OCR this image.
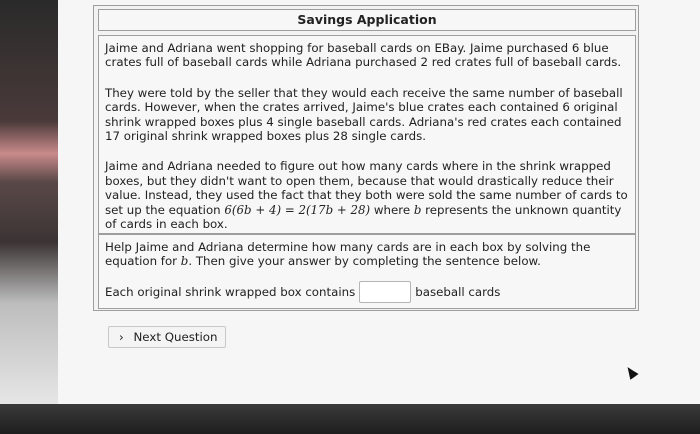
Savings Application

Jaime and Adriana went shopping for baseball cards on EBay. Jaime purchased 6 blue crates full of baseball cards while Adriana purchased 2 red crates full of baseball cards.

They were told by the seller that they would each receive the same number of baseball cards. However, when the crates arrived, Jaime's blue crates each contained 6 original shrink wrapped boxes plus 4 single baseball cards. Adriana's red crates each contained 17 original shrink wrapped boxes plus 28 single cards.

Jaime and Adriana needed to figure out how many cards where in the shrink wrapped boxes, but they didn't want to open them, because that would drastically reduce their value. Instead, they used the fact that they both were sold the same number of cards to set up the equation 6(6b + 4) = 2(17b + 28) where b represents the unknown quantity of cards in each box.

Help Jaime and Adriana determine how many cards are in each box by solving the equation for b. Then give your answer by completing the sentence below.
Each original shrink wrapped box contains	baseball cards
› Next Question
